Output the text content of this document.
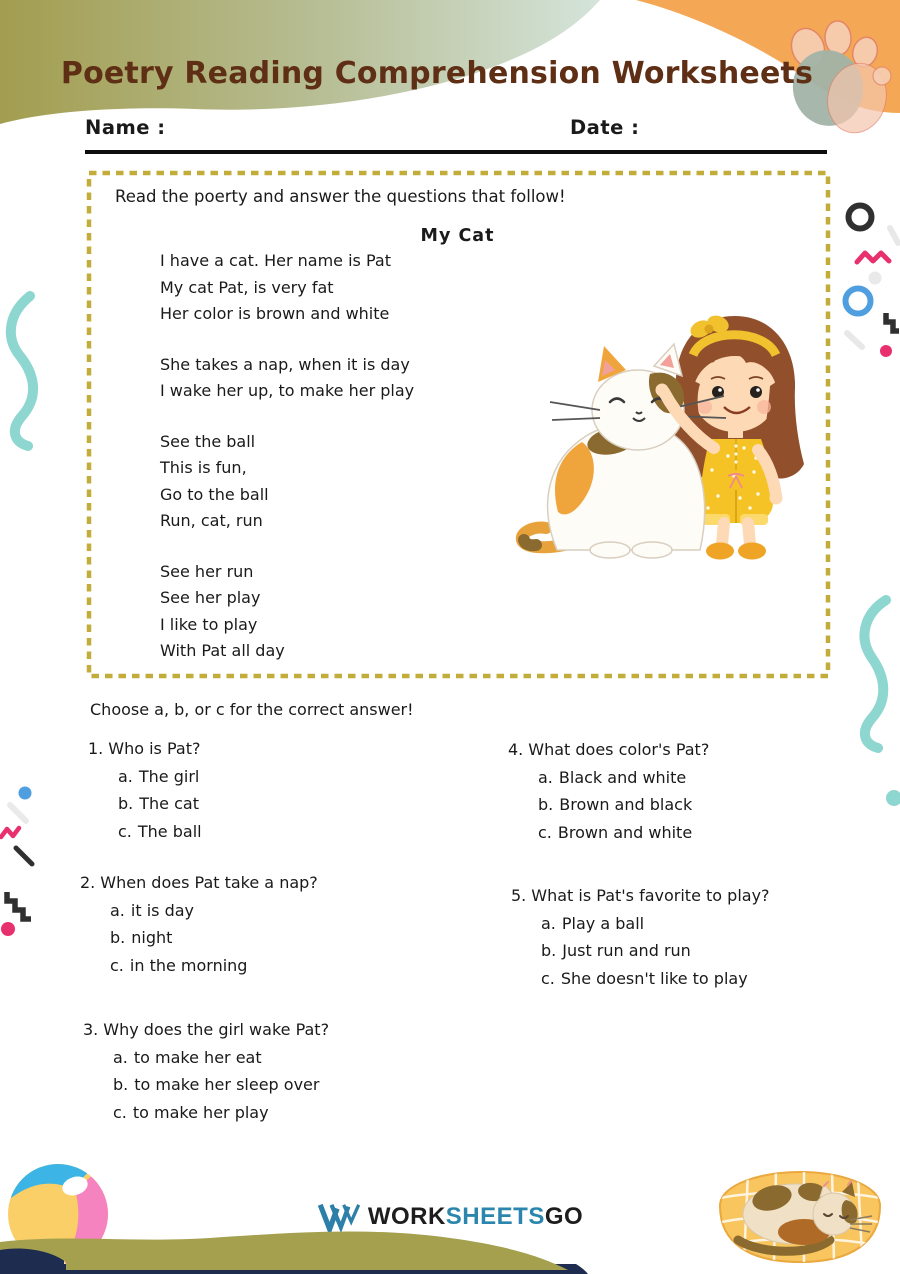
Poetry Reading Comprehension Worksheets
Name :	Date :
Read the poerty and answer the questions that follow!
My Cat
I have a cat. Her name is Pat
My cat Pat, is very fat
Her color is brown and white
She takes a nap, when it is day
I wake her up, to make her play
See the ball
This is fun,
Go to the ball
Run, cat, run
See her run
See her play
I like to play
With Pat all day
Choose a, b, or c for the correct answer!
1. Who is Pat?
a. The girl
b. The cat
c. The ball
2. When does Pat take a nap?
a. it is day
b. night
c. in the morning
3. Why does the girl wake Pat?
a. to make her eat
b. to make her sleep over
c. to make her play
4. What does color's Pat?
a. Black and white
b. Brown and black
c. Brown and white
5. What is Pat's favorite to play?
a. Play a ball
b. Just run and run
c. She doesn't like to play
WORKSHEETSGO
